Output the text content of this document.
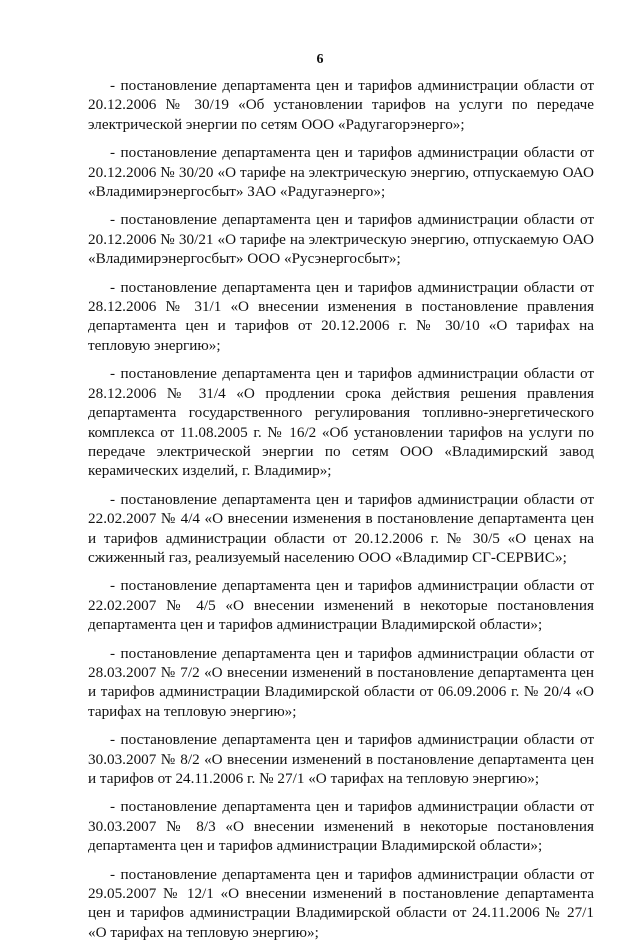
6

- постановление департамента цен и тарифов администрации области от 20.12.2006 № 30/19 «Об установлении тарифов на услуги по передаче электрической энергии по сетям ООО «Радугагорэнерго»;

- постановление департамента цен и тарифов администрации области от 20.12.2006 № 30/20 «О тарифе на электрическую энергию, отпускаемую ОАО «Владимирэнергосбыт» ЗАО «Радугаэнерго»;

- постановление департамента цен и тарифов администрации области от 20.12.2006 № 30/21 «О тарифе на электрическую энергию, отпускаемую ОАО «Владимирэнергосбыт» ООО «Русэнергосбыт»;

- постановление департамента цен и тарифов администрации области от 28.12.2006 № 31/1 «О внесении изменения в постановление правления департамента цен и тарифов от 20.12.2006 г. № 30/10 «О тарифах на тепловую энергию»;

- постановление департамента цен и тарифов администрации области от 28.12.2006 № 31/4 «О продлении срока действия решения правления департамента государственного регулирования топливно-энергетического комплекса от 11.08.2005 г. № 16/2 «Об установлении тарифов на услуги по передаче электрической энергии по сетям ООО «Владимирский завод керамических изделий, г. Владимир»;

- постановление департамента цен и тарифов администрации области от 22.02.2007 № 4/4 «О внесении изменения в постановление департамента цен и тарифов администрации области от 20.12.2006 г. № 30/5 «О ценах на сжиженный газ, реализуемый населению ООО «Владимир СГ-СЕРВИС»;

- постановление департамента цен и тарифов администрации области от 22.02.2007 № 4/5 «О внесении изменений в некоторые постановления департамента цен и тарифов администрации Владимирской области»;

- постановление департамента цен и тарифов администрации области от 28.03.2007 № 7/2 «О внесении изменений в постановление департамента цен и тарифов администрации Владимирской области от 06.09.2006 г. № 20/4 «О тарифах на тепловую энергию»;

- постановление департамента цен и тарифов администрации области от 30.03.2007 № 8/2 «О внесении изменений в постановление департамента цен и тарифов от 24.11.2006 г. № 27/1 «О тарифах на тепловую энергию»;

- постановление департамента цен и тарифов администрации области от 30.03.2007 № 8/3 «О внесении изменений в некоторые постановления департамента цен и тарифов администрации Владимирской области»;

- постановление департамента цен и тарифов администрации области от 29.05.2007 № 12/1 «О внесении изменений в постановление департамента цен и тарифов администрации Владимирской области от 24.11.2006 № 27/1 «О тарифах на тепловую энергию»;
